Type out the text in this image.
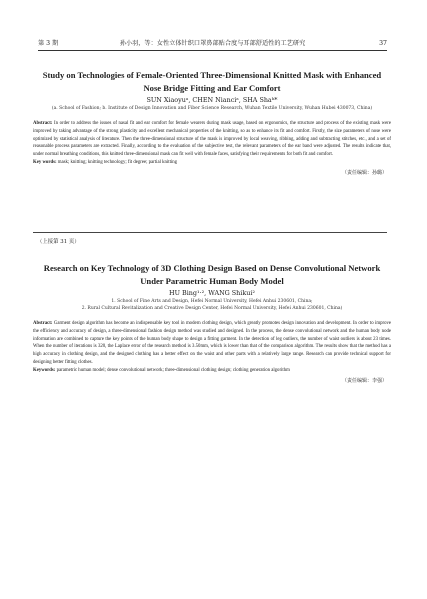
第 3 期	孙小羽，等：女性立体针织口罩鼻部贴合度与耳部舒适性的工艺研究	37

Study on Technologies of Female-Oriented Three-Dimensional Knitted Mask with Enhanced
Nose Bridge Fitting and Ear Comfort

SUN Xiaoyuᵃ, CHEN Nianciᵃ, SHA Shaᵇ*
(a. School of Fashion; b. Institute of Design Innovation and Fiber Science Research, Wuhan Textile University, Wuhan Hubei 430073, China)
Abstract: In order to address the issues of nasal fit and ear comfort for female wearers during mask usage, based on ergonomics, the structure and process of the existing mask were improved by taking advantage of the strong plasticity and excellent mechanical properties of the knitting, so as to enhance its fit and comfort. Firstly, the size parameters of nose were optimized by statistical analysis of literature. Then the three-dimensional structure of the mask is improved by local weaving, ribbing, adding and subtracting stitches, etc., and a set of reasonable process parameters are extracted. Finally, according to the evaluation of the subjective test, the relevant parameters of the ear band were adjusted. The results indicate that, under normal breathing conditions, this knitted three-dimensional mask can fit well with female faces, satisfying their requirements for both fit and comfort.
Key words: mask; knitting; knitting technology; fit degree; partial knitting
（责任编辑：孙璐）
（上接第 31 页）

Research on Key Technology of 3D Clothing Design Based on Dense Convolutional Network
Under Parametric Human Body Model

HU Bing¹·², WANG Shikui²
1. School of Fine Arts and Design, Hefei Normal University, Hefei Anhui 230601, China;
2. Rural Cultural Revitalization and Creative Design Center, Hefei Normal University, Hefei Anhui 230601, China)
Abstract: Garment design algorithm has become an indispensable key tool in modern clothing design, which greatly promotes design innovation and development. In order to improve the efficiency and accuracy of design, a three-dimensional fashion design method was studied and designed. In the process, the dense convolutional network and the human body node information are combined to capture the key points of the human body shape to design a fitting garment. In the detection of leg outliers, the number of waist outliers is about 23 times. When the number of iterations is 320, the Laplace error of the research method is 3.50mm, which is lower than that of the comparison algorithm. The results show that the method has a high accuracy in clothing design, and the designed clothing has a better effect on the waist and other parts with a relatively large range. Research can provide technical support for designing better fitting clothes.
Keywords: parametric human model; dense convolutional network; three-dimensional clothing design; clothing generation algorithm
（责任编辑：李强）
